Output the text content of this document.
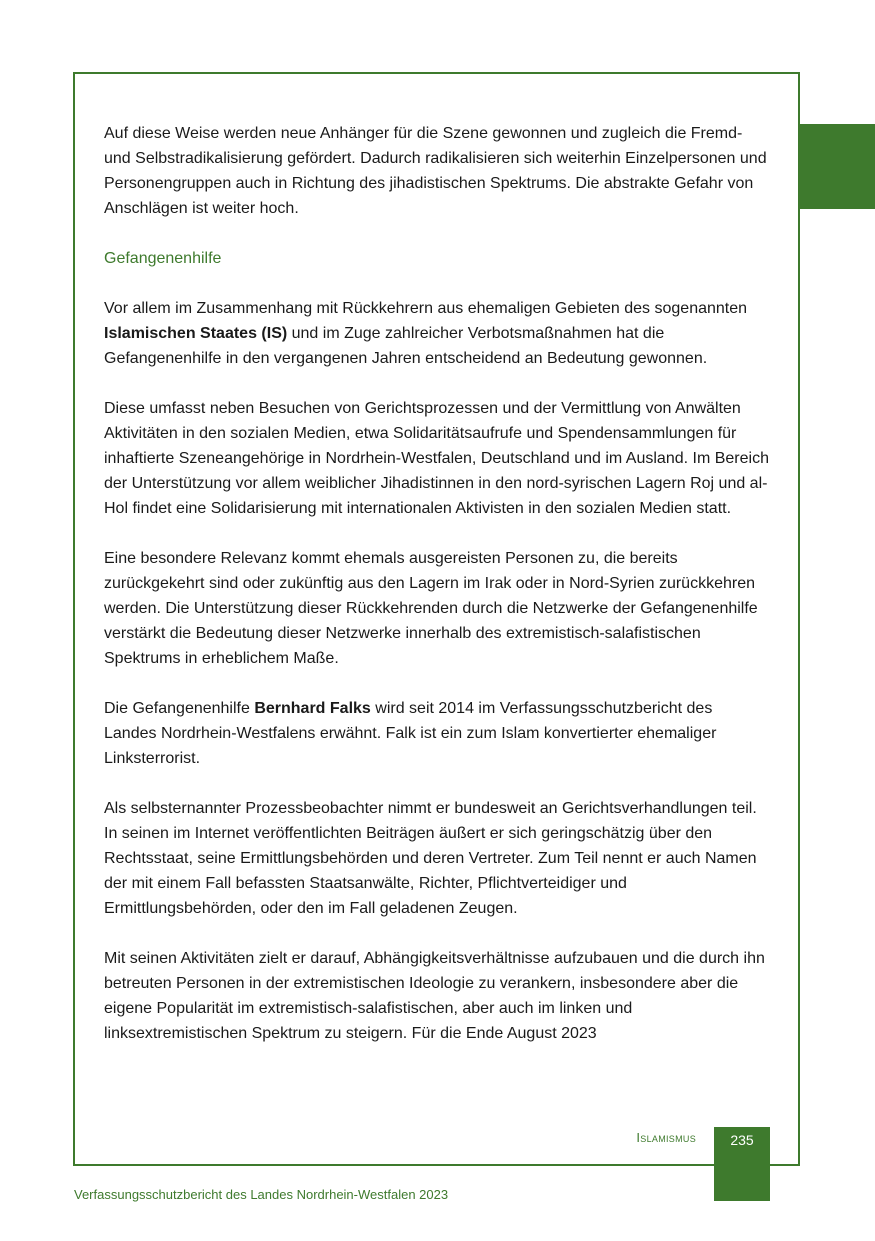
Auf diese Weise werden neue Anhänger für die Szene gewonnen und zugleich die Fremd- und Selbstradikalisierung gefördert. Dadurch radikalisieren sich weiterhin Einzelpersonen und Personengruppen auch in Richtung des jihadistischen Spektrums. Die abstrakte Gefahr von Anschlägen ist weiter hoch.

Gefangenenhilfe

Vor allem im Zusammenhang mit Rückkehrern aus ehemaligen Gebieten des sogenannten Islamischen Staates (IS) und im Zuge zahlreicher Verbotsmaßnahmen hat die Gefangenenhilfe in den vergangenen Jahren entscheidend an Bedeutung gewonnen.

Diese umfasst neben Besuchen von Gerichtsprozessen und der Vermittlung von Anwälten Aktivitäten in den sozialen Medien, etwa Solidaritätsaufrufe und Spendensammlungen für inhaftierte Szeneangehörige in Nordrhein-Westfalen, Deutschland und im Ausland. Im Bereich der Unterstützung vor allem weiblicher Jihadistinnen in den nord-syrischen Lagern Roj und al-Hol findet eine Solidarisierung mit internationalen Aktivisten in den sozialen Medien statt.

Eine besondere Relevanz kommt ehemals ausgereisten Personen zu, die bereits zurückgekehrt sind oder zukünftig aus den Lagern im Irak oder in Nord-Syrien zurückkehren werden. Die Unterstützung dieser Rückkehrenden durch die Netzwerke der Gefangenenhilfe verstärkt die Bedeutung dieser Netzwerke innerhalb des extremistisch-salafistischen Spektrums in erheblichem Maße.

Die Gefangenenhilfe Bernhard Falks wird seit 2014 im Verfassungsschutzbericht des Landes Nordrhein-Westfalens erwähnt. Falk ist ein zum Islam konvertierter ehemaliger Linksterrorist.

Als selbsternannter Prozessbeobachter nimmt er bundesweit an Gerichtsverhandlungen teil. In seinen im Internet veröffentlichten Beiträgen äußert er sich geringschätzig über den Rechtsstaat, seine Ermittlungsbehörden und deren Vertreter. Zum Teil nennt er auch Namen der mit einem Fall befassten Staatsanwälte, Richter, Pflichtverteidiger und Ermittlungsbehörden, oder den im Fall geladenen Zeugen.

Mit seinen Aktivitäten zielt er darauf, Abhängigkeitsverhältnisse aufzubauen und die durch ihn betreuten Personen in der extremistischen Ideologie zu verankern, insbesondere aber die eigene Popularität im extremistisch-salafistischen, aber auch im linken und linksextremistischen Spektrum zu steigern. Für die Ende August 2023

Islamismus	235
Verfassungsschutzbericht des Landes Nordrhein-Westfalen 2023
